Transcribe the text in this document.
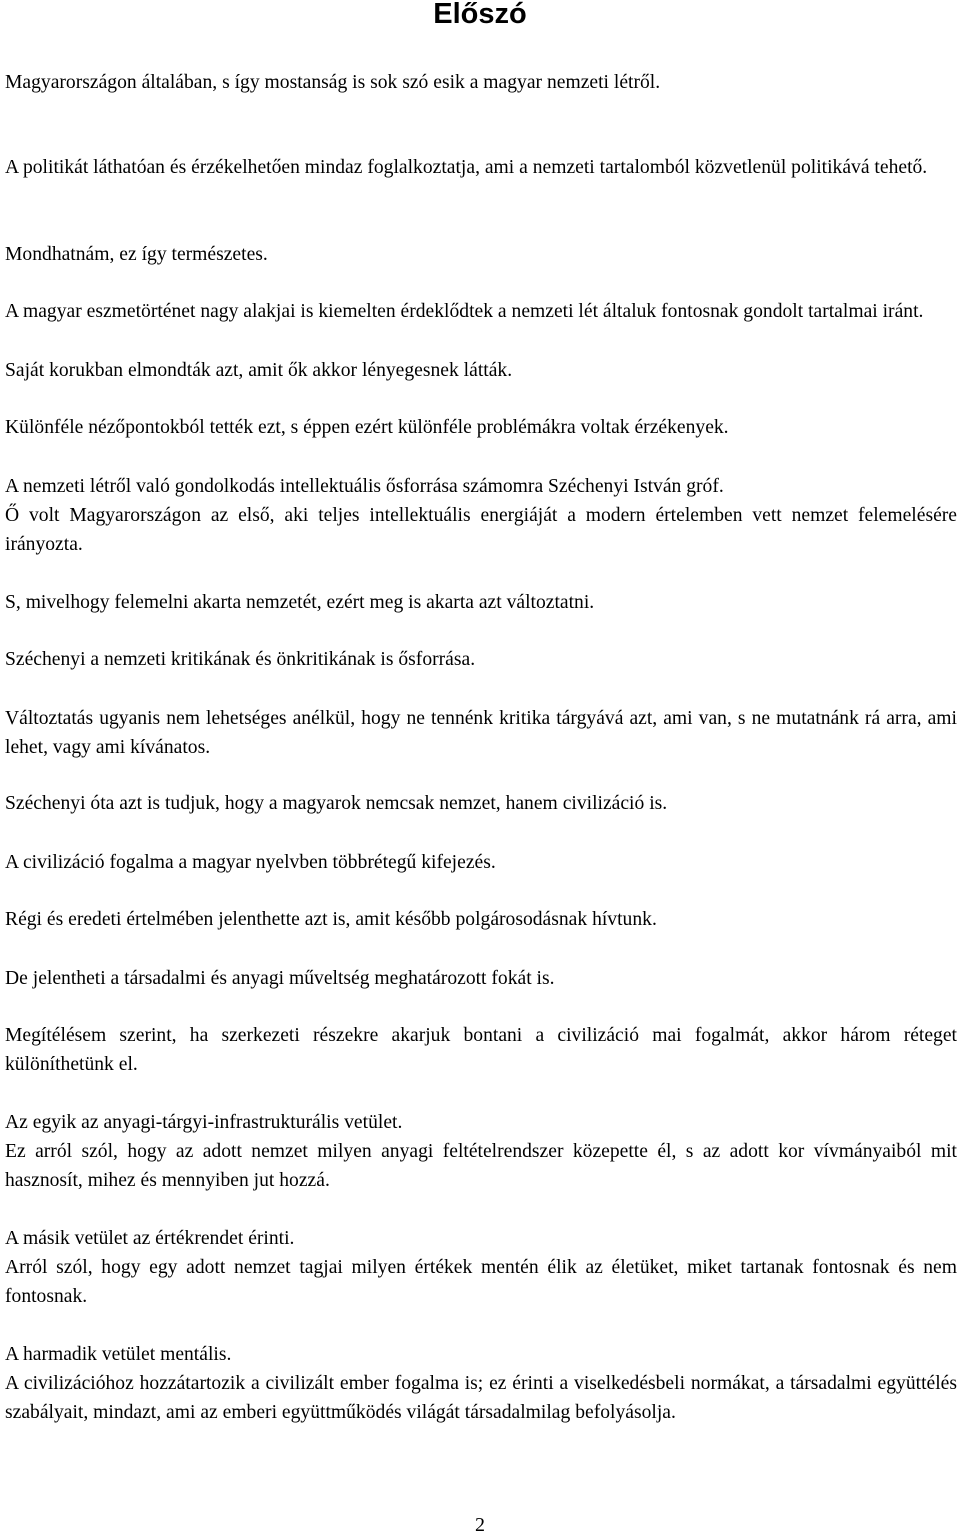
Előszó

Magyarországon általában, s így mostanság is sok szó esik a magyar nemzeti létről.

A politikát láthatóan és érzékelhetően mindaz foglalkoztatja, ami a nemzeti tartalomból közvetlenül politikává tehető.

Mondhatnám, ez így természetes.

A magyar eszmetörténet nagy alakjai is kiemelten érdeklődtek a nemzeti lét általuk fontosnak gondolt tartalmai iránt.

Saját korukban elmondták azt, amit ők akkor lényegesnek látták.

Különféle nézőpontokból tették ezt, s éppen ezért különféle problémákra voltak érzékenyek.

A nemzeti létről való gondolkodás intellektuális ősforrása számomra Széchenyi István gróf.

Ő volt Magyarországon az első, aki teljes intellektuális energiáját a modern értelemben vett nemzet felemelésére irányozta.

S, mivelhogy felemelni akarta nemzetét, ezért meg is akarta azt változtatni.

Széchenyi a nemzeti kritikának és önkritikának is ősforrása.

Változtatás ugyanis nem lehetséges anélkül, hogy ne tennénk kritika tárgyává azt, ami van, s ne mutatnánk rá arra, ami lehet, vagy ami kívánatos.

Széchenyi óta azt is tudjuk, hogy a magyarok nemcsak nemzet, hanem civilizáció is.

A civilizáció fogalma a magyar nyelvben többrétegű kifejezés.

Régi és eredeti értelmében jelenthette azt is, amit később polgárosodásnak hívtunk.

De jelentheti a társadalmi és anyagi műveltség meghatározott fokát is.

Megítélésem szerint, ha szerkezeti részekre akarjuk bontani a civilizáció mai fogalmát, akkor három réteget különíthetünk el.

Az egyik az anyagi-tárgyi-infrastrukturális vetület.

Ez arról szól, hogy az adott nemzet milyen anyagi feltételrendszer közepette él, s az adott kor vívmányaiból mit hasznosít, mihez és mennyiben jut hozzá.

A másik vetület az értékrendet érinti.

Arról szól, hogy egy adott nemzet tagjai milyen értékek mentén élik az életüket, miket tartanak fontosnak és nem fontosnak.

A harmadik vetület mentális.

A civilizációhoz hozzátartozik a civilizált ember fogalma is; ez érinti a viselkedésbeli normákat, a társadalmi együttélés szabályait, mindazt, ami az emberi együttműködés világát társadalmilag befolyásolja.

2
